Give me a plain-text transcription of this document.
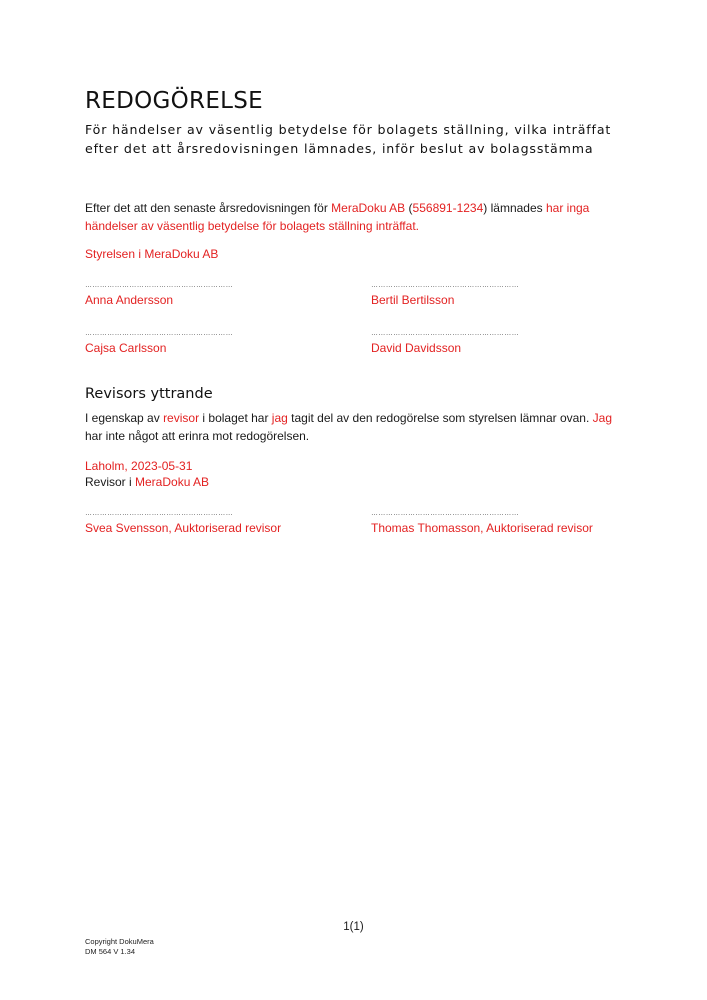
REDOGÖRELSE

För händelser av väsentlig betydelse för bolagets ställning, vilka inträffat efter det att årsredovisningen lämnades, inför beslut av bolagsstämma

Efter det att den senaste årsredovisningen för MeraDoku AB (556891-1234) lämnades har inga händelser av väsentlig betydelse för bolagets ställning inträffat.

Styrelsen i MeraDoku AB

……………………………………………………
Anna Andersson
……………………………………………………
Bertil Bertilsson
……………………………………………………
Cajsa Carlsson
……………………………………………………
David Davidsson
Revisors yttrande

I egenskap av revisor i bolaget har jag tagit del av den redogörelse som styrelsen lämnar ovan. Jag har inte något att erinra mot redogörelsen.

Laholm, 2023-05-31

Revisor i MeraDoku AB

……………………………………………………
Svea Svensson, Auktoriserad revisor
……………………………………………………
Thomas Thomasson, Auktoriserad revisor
1(1)
Copyright DokuMera
DM 564 V 1.34
